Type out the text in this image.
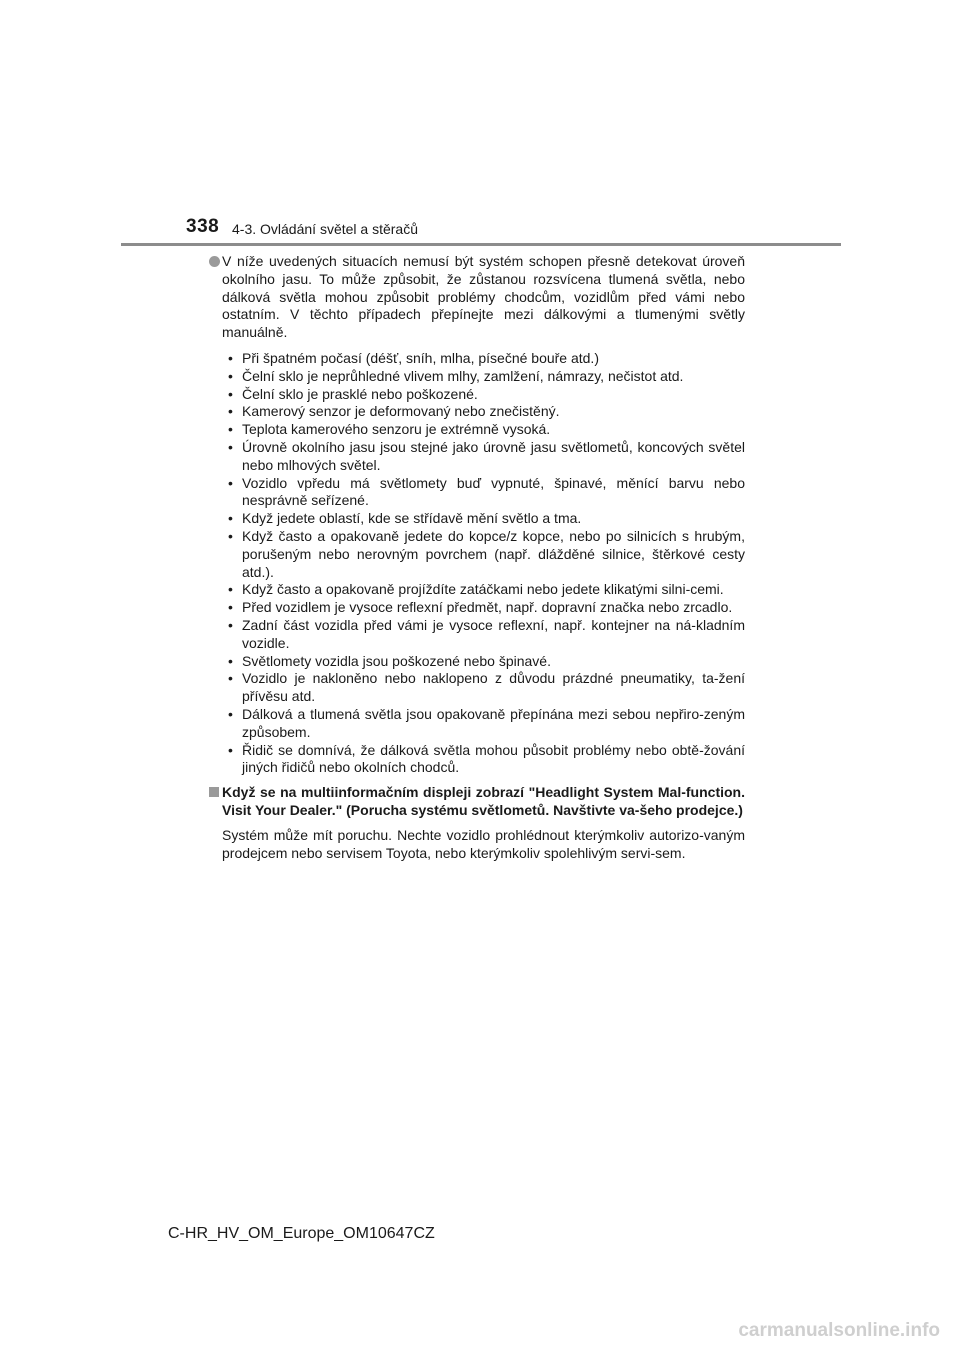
338 4-3. Ovládání světel a stěračů

V níže uvedených situacích nemusí být systém schopen přesně detekovat úroveň okolního jasu. To může způsobit, že zůstanou rozsvícena tlumená světla, nebo dálková světla mohou způsobit problémy chodcům, vozidlům před vámi nebo ostatním. V těchto případech přepínejte mezi dálkovými a tlumenými světly manuálně.

• Při špatném počasí (déšť, sníh, mlha, písečné bouře atd.)
• Čelní sklo je neprůhledné vlivem mlhy, zamlžení, námrazy, nečistot atd.
• Čelní sklo je prasklé nebo poškozené.
• Kamerový senzor je deformovaný nebo znečistěný.
• Teplota kamerového senzoru je extrémně vysoká.
• Úrovně okolního jasu jsou stejné jako úrovně jasu světlometů, koncových světel nebo mlhových světel.
• Vozidlo vpředu má světlomety buď vypnuté, špinavé, měnící barvu nebo nesprávně seřízené.
• Když jedete oblastí, kde se střídavě mění světlo a tma.
• Když často a opakovaně jedete do kopce/z kopce, nebo po silnicích s hrubým, porušeným nebo nerovným povrchem (např. dlážděné silnice, štěrkové cesty atd.).
• Když často a opakovaně projíždíte zatáčkami nebo jedete klikatými silni-cemi.
• Před vozidlem je vysoce reflexní předmět, např. dopravní značka nebo zrcadlo.
• Zadní část vozidla před vámi je vysoce reflexní, např. kontejner na ná-kladním vozidle.
• Světlomety vozidla jsou poškozené nebo špinavé.
• Vozidlo je nakloněno nebo naklopeno z důvodu prázdné pneumatiky, ta-žení přívěsu atd.
• Dálková a tlumená světla jsou opakovaně přepínána mezi sebou nepřiro-zeným způsobem.
• Řidič se domnívá, že dálková světla mohou působit problémy nebo obtě-žování jiných řidičů nebo okolních chodců.

Když se na multiinformačním displeji zobrazí "Headlight System Mal-function. Visit Your Dealer." (Porucha systému světlometů. Navštivte va-šeho prodejce.)

Systém může mít poruchu. Nechte vozidlo prohlédnout kterýmkoliv autorizo-vaným prodejcem nebo servisem Toyota, nebo kterýmkoliv spolehlivým servi-sem.

C-HR_HV_OM_Europe_OM10647CZ
carmanualsonline.info
